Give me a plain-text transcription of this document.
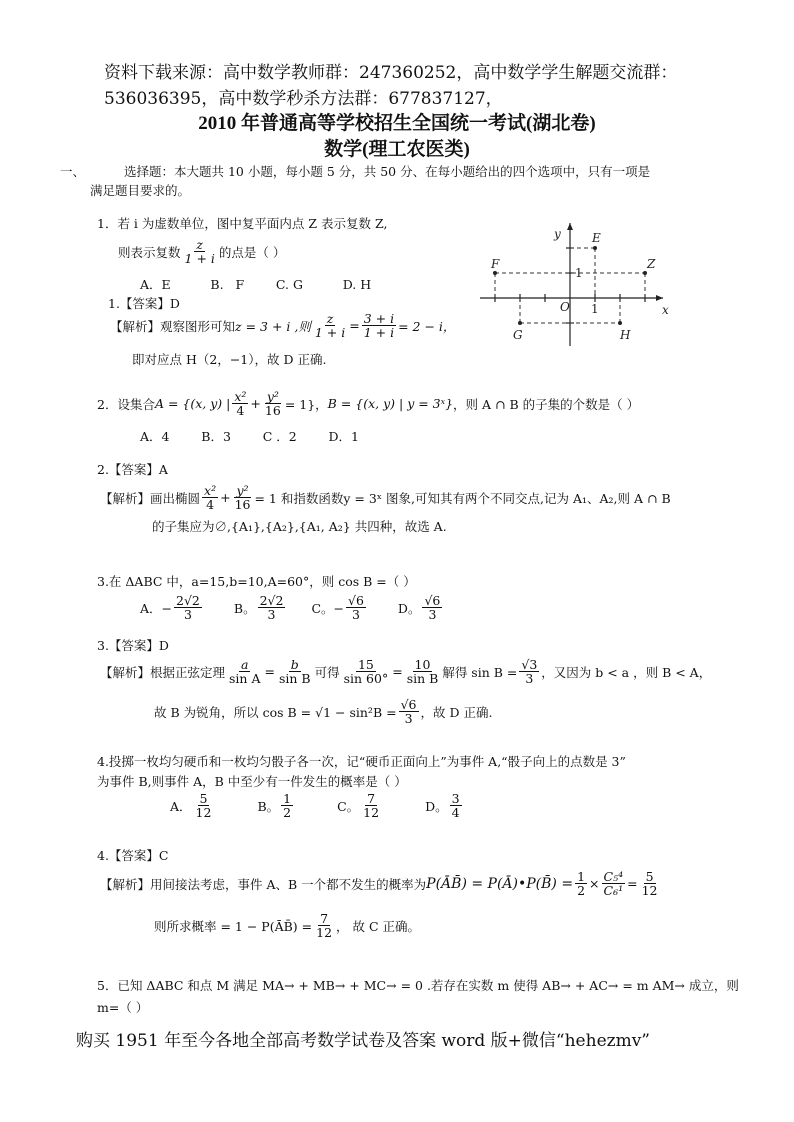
资料下载来源：高中数学教师群：247360252，高中数学学生解题交流群：
536036395，高中数学秒杀方法群：677837127，
2010 年普通高等学校招生全国统一考试(湖北卷)
数学(理工农医类)
一、	选择题：本大题共 10 小题，每小题 5 分，共 50 分、在每小题给出的四个选项中，只有一项是
满足题目要求的。
1．若 i 为虚数单位，图中复平面内点 Z 表示复数 Z,
则表示复数 $\frac{z}{1 + i}$ 的点是（ ）
A．E          B.   F        C. G          D. H
1.【答案】D
【解析】观察图形可知 z = 3 + i ,则 $\frac{z}{1 + i} = \frac{3 + i}{1 + i} = 2 - i$，
即对应点 H（2，−1），故 D 正确.
y
x
O 1
1
E
F	Z
G	H
2．设集合 A = {(x, y) | $\frac{\text{x²}}{4} + \frac{\text{y²}}{16} = 1$}， B = {(x, y) | y = 3ˣ} ，则 A ∩ B 的子集的个数是（ ）
A．4        B．3        C ．2        D．1
2.【答案】A
【解析】画出椭圆 $\frac{\text{x²}}{4} + \frac{\text{y²}}{16} = 1$ 和指数函数 y = 3ˣ 图象,可知其有两个不同交点,记为 A₁、A₂,则 A ∩ B
的子集应为∅,{A₁},{A₂},{A₁, A₂} 共四种，故选 A.
3.在 ΔABC 中，a=15,b=10,A=60°，则 cos B =（ ）
A．− $\frac{2√2}{3}$	B。 $\frac{2√2}{3}$ C。− $\frac{√6}{3}$	D。 $\frac{√6}{3}$
3.【答案】D
【解析】根据正弦定理 $\frac{a}{\text{sin A}} = \frac{b}{\text{sin B}}$ 可得 $\frac{15}{\sin 60^\circ} = \frac{10}{\text{sin B}}$ 解得 $\sin B = \frac{√3}{3}$ ，又因为 b < a ，则 B < A，
故 B 为锐角，所以 $\cos B = √1 - \sin^2B = \frac{√6}{3}$ ，故 D 正确.
4.投掷一枚均匀硬币和一枚均匀骰子各一次，记“硬币正面向上”为事件 A,“骰子向上的点数是 3”
为事件 B,则事件 A，B 中至少有一件发生的概率是（ ）
A． $\frac{5}{12}$	B。 $\frac{1}{2}$	C。 $\frac{7}{12}$	D。 $\frac{3}{4}$
4.【答案】C
【解析】用间接法考虑，事件 A、B 一个都不发生的概率为 P(ĀB̄) = P(Ā)•P(B̄) = $\frac{1}{2} \times \frac{\text{C₅⁴}}{\text{C₆¹}} = \frac{5}{12}$
则所求概率 = 1 − P(ĀB̄) = $\frac{7}{12}$ ， 故 C 正确。
5．已知 ΔABC 和点 M 满足 MA→ + MB→ + MC→ = 0 .若存在实数 m 使得 AB→ + AC→ = m AM→ 成立，则
m=（ ）
购买 1951 年至今各地全部高考数学试卷及答案 word 版+微信“hehezmv”
